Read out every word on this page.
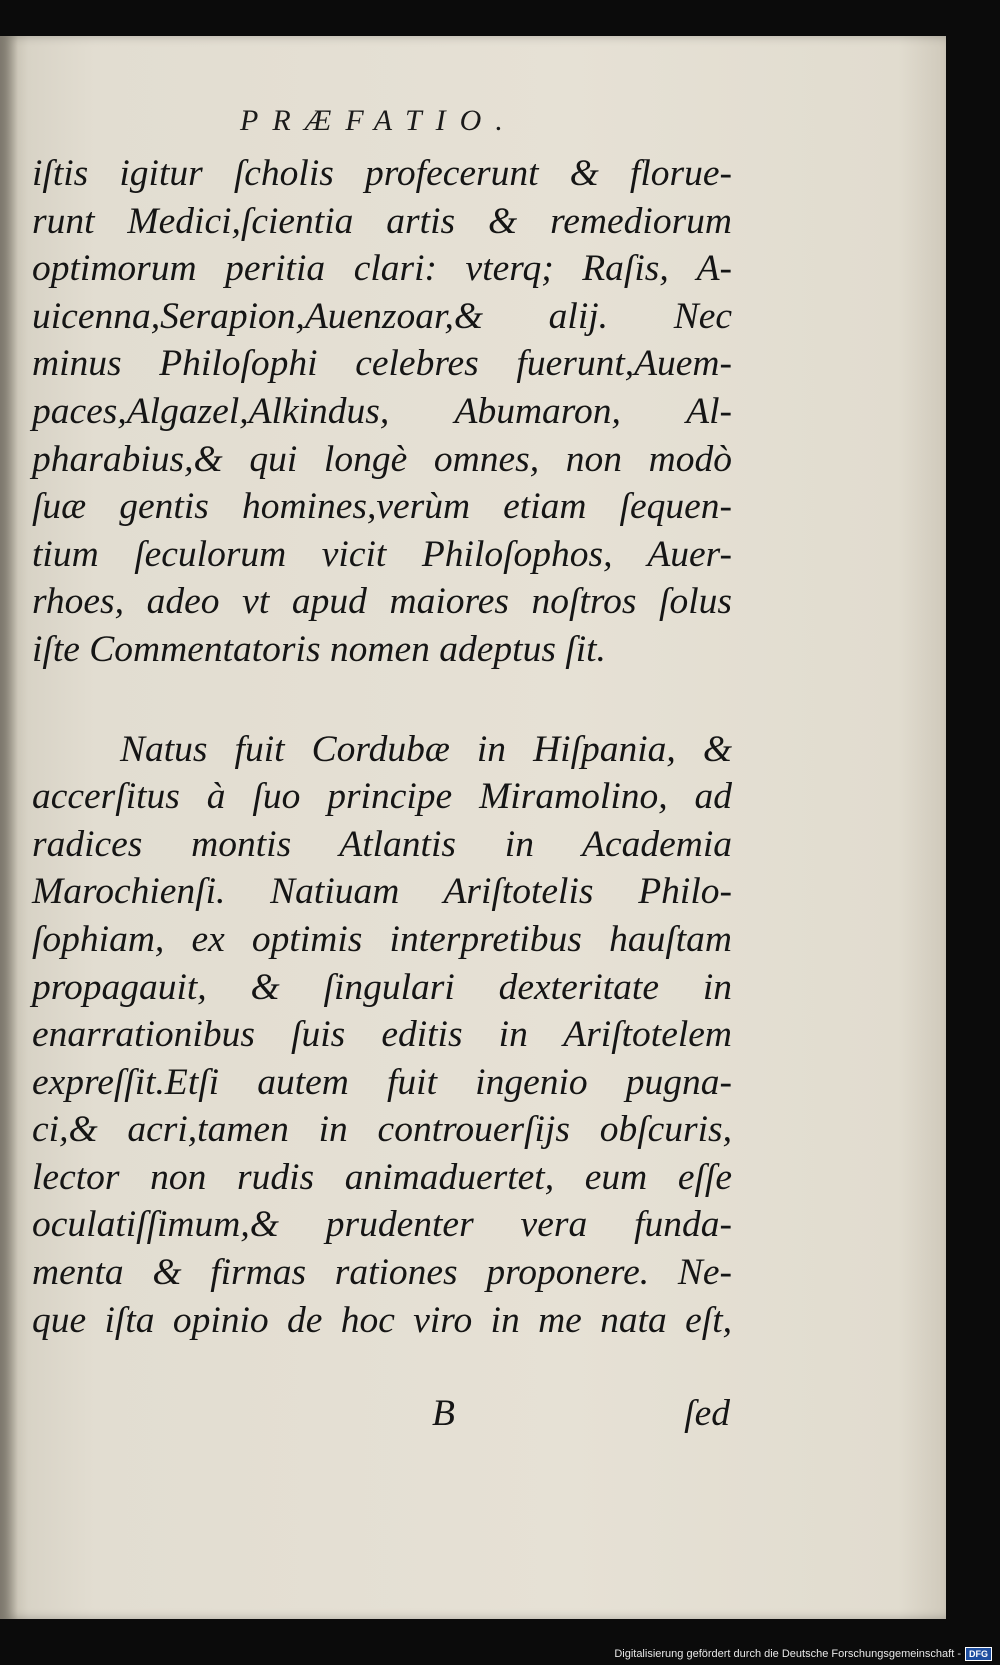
PRÆFATIO.
iſtis igitur ſcholis profecerunt & florue-
runt Medici,ſcientia artis & remediorum
optimorum peritia clari: vterq; Raſis, A-
uicenna,Serapion,Auenzoar,& alij. Nec
minus Philoſophi celebres fuerunt,Auem-
paces,Algazel,Alkindus, Abumaron, Al-
pharabius,& qui longè omnes, non modò
ſuæ gentis homines,verùm etiam ſequen-
tium ſeculorum vicit Philoſophos, Auer-
rhoes, adeo vt apud maiores noſtros ſolus
iſte Commentatoris nomen adeptus ſit.
Natus fuit Cordubæ in Hiſpania, &
accerſitus à ſuo principe Miramolino, ad
radices montis Atlantis in Academia
Marochienſi. Natiuam Ariſtotelis Philo-
ſophiam, ex optimis interpretibus hauſtam
propagauit, & ſingulari dexteritate in
enarrationibus ſuis editis in Ariſtotelem
expreſſit.Etſi autem fuit ingenio pugna-
ci,& acri,tamen in controuerſijs obſcuris,
lector non rudis animaduertet, eum eſſe
oculatiſſimum,& prudenter vera funda-
menta & firmas rationes proponere. Ne-
que iſta opinio de hoc viro in me nata eſt,
B	ſed
Digitalisierung gefördert durch die Deutsche Forschungsgemeinschaft - DFG
